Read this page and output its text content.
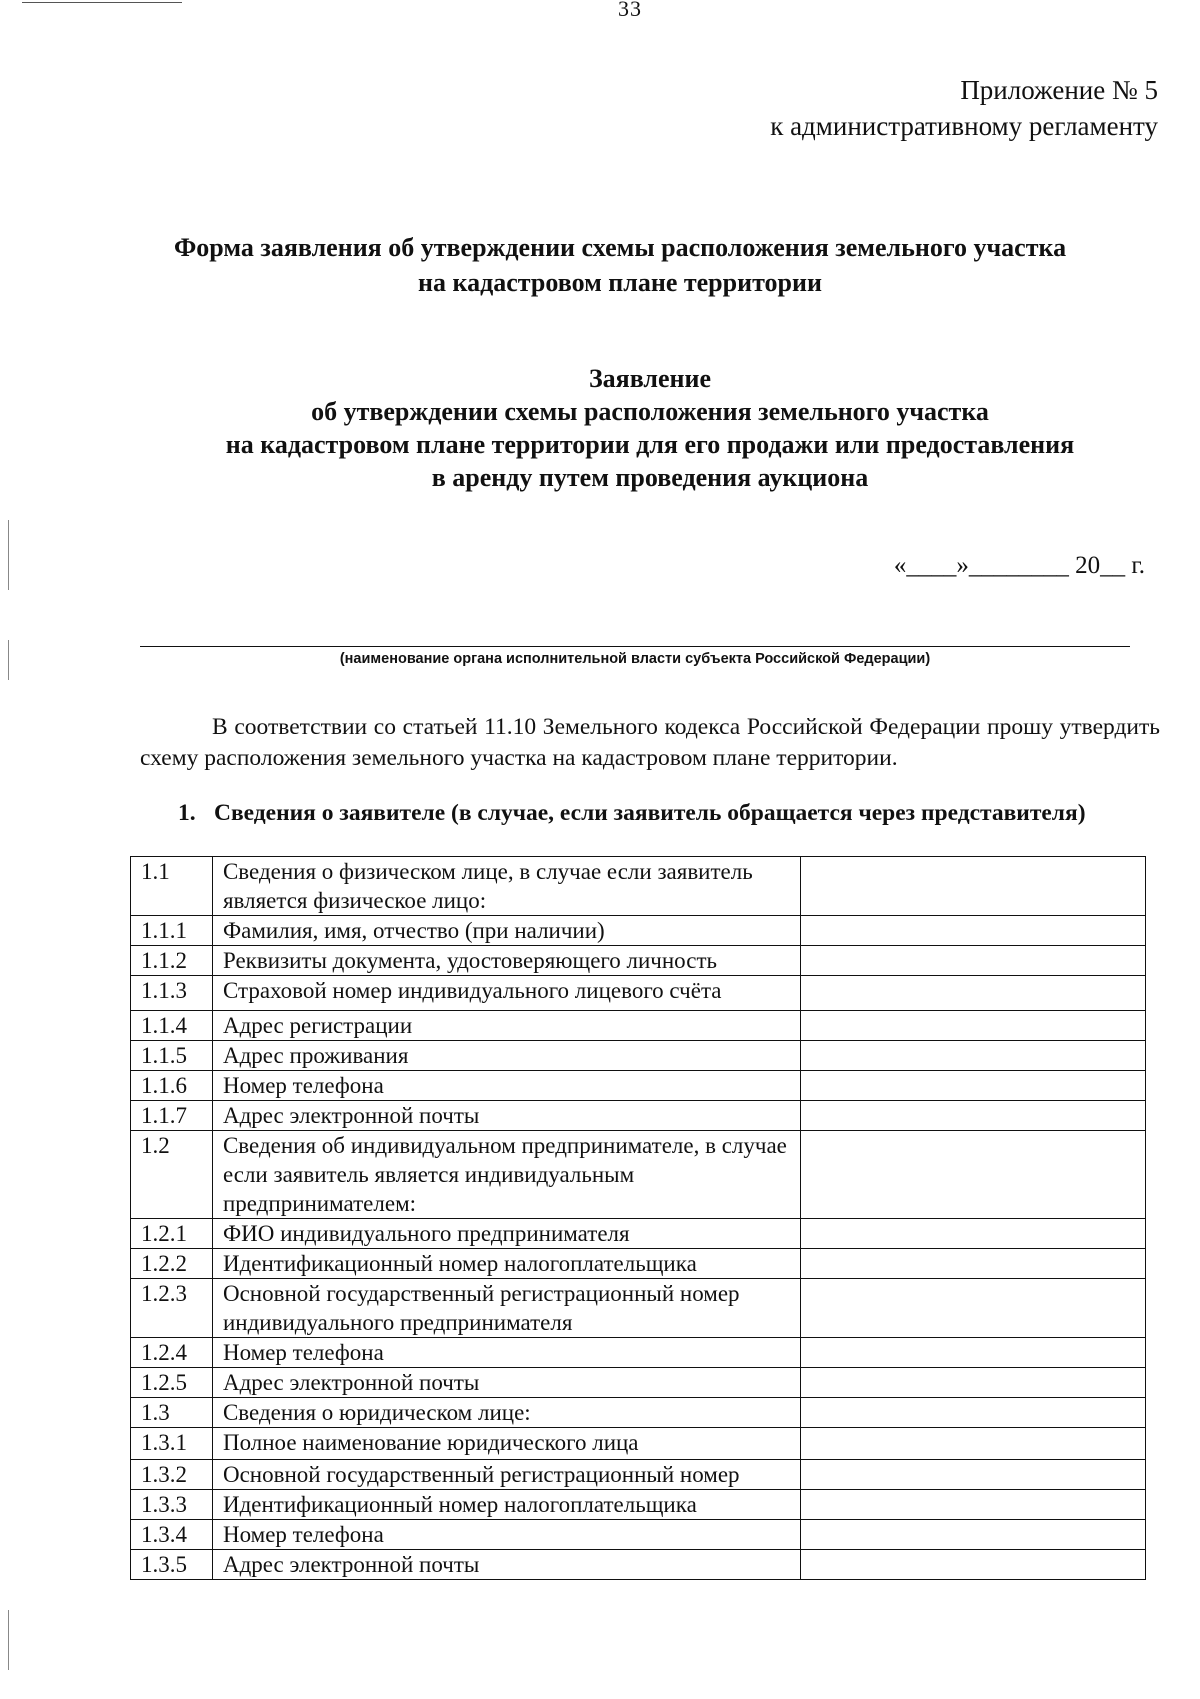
33
Приложение № 5
к административному регламенту
Форма заявления об утверждении схемы расположения земельного участка
на кадастровом плане территории
Заявление
об утверждении схемы расположения земельного участка
на кадастровом плане территории для его продажи или предоставления
в аренду путем проведения аукциона
«____»________ 20__ г.
(наименование органа исполнительной власти субъекта Российской Федерации)
В соответствии со статьей 11.10 Земельного кодекса Российской Федерации прошу утвердить схему расположения земельного участка на кадастровом плане территории.
1. Сведения о заявителе (в случае, если заявитель обращается через представителя)
1.1	Сведения о физическом лице, в случае если заявитель является физическое лицо:	
1.1.1	Фамилия, имя, отчество (при наличии)	
1.1.2	Реквизиты документа, удостоверяющего личность	
1.1.3	Страховой номер индивидуального лицевого счёта	
1.1.4	Адрес регистрации	
1.1.5	Адрес проживания	
1.1.6	Номер телефона	
1.1.7	Адрес электронной почты	
1.2	Сведения об индивидуальном предпринимателе, в случае если заявитель является индивидуальным предпринимателем:	
1.2.1	ФИО индивидуального предпринимателя	
1.2.2	Идентификационный номер налогоплательщика	
1.2.3	Основной государственный регистрационный номер индивидуального предпринимателя	
1.2.4	Номер телефона	
1.2.5	Адрес электронной почты	
1.3	Сведения о юридическом лице:	
1.3.1	Полное наименование юридического лица	
1.3.2	Основной государственный регистрационный номер	
1.3.3	Идентификационный номер налогоплательщика	
1.3.4	Номер телефона	
1.3.5	Адрес электронной почты	
